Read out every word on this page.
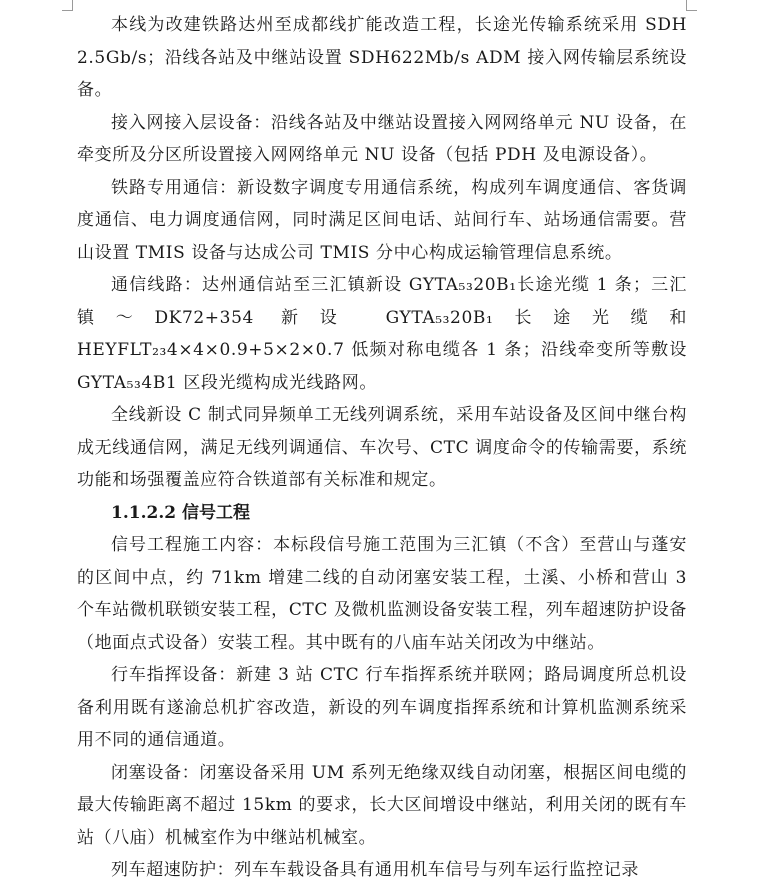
本线为改建铁路达州至成都线扩能改造工程，长途光传输系统采用 SDH 2.5Gb/s；沿线各站及中继站设置 SDH622Mb/s ADM 接入网传输层系统设备。

接入网接入层设备：沿线各站及中继站设置接入网网络单元 NU 设备，在牵变所及分区所设置接入网网络单元 NU 设备（包括 PDH 及电源设备）。

铁路专用通信：新设数字调度专用通信系统，构成列车调度通信、客货调度通信、电力调度通信网，同时满足区间电话、站间行车、站场通信需要。营山设置 TMIS 设备与达成公司 TMIS 分中心构成运输管理信息系统。

通信线路：达州通信站至三汇镇新设 GYTA₅₃20B₁长途光缆 1 条；三汇镇～DK72+354 新设 GYTA₅₃20B₁长途光缆和 HEYFLT₂₃4×4×0.9+5×2×0.7 低频对称电缆各 1 条；沿线牵变所等敷设 GYTA₅₃4B1 区段光缆构成光线路网。

全线新设 C 制式同异频单工无线列调系统，采用车站设备及区间中继台构成无线通信网，满足无线列调通信、车次号、CTC 调度命令的传输需要，系统功能和场强覆盖应符合铁道部有关标准和规定。

1.1.2.2 信号工程

信号工程施工内容：本标段信号施工范围为三汇镇（不含）至营山与蓬安的区间中点，约 71km 增建二线的自动闭塞安装工程，土溪、小桥和营山 3 个车站微机联锁安装工程，CTC 及微机监测设备安装工程，列车超速防护设备（地面点式设备）安装工程。其中既有的八庙车站关闭改为中继站。

行车指挥设备：新建 3 站 CTC 行车指挥系统并联网；路局调度所总机设备利用既有遂渝总机扩容改造，新设的列车调度指挥系统和计算机监测系统采用不同的通信通道。

闭塞设备：闭塞设备采用 UM 系列无绝缘双线自动闭塞，根据区间电缆的最大传输距离不超过 15km 的要求，长大区间增设中继站，利用关闭的既有车站（八庙）机械室作为中继站机械室。

列车超速防护：列车车载设备具有通用机车信号与列车运行监控记录
